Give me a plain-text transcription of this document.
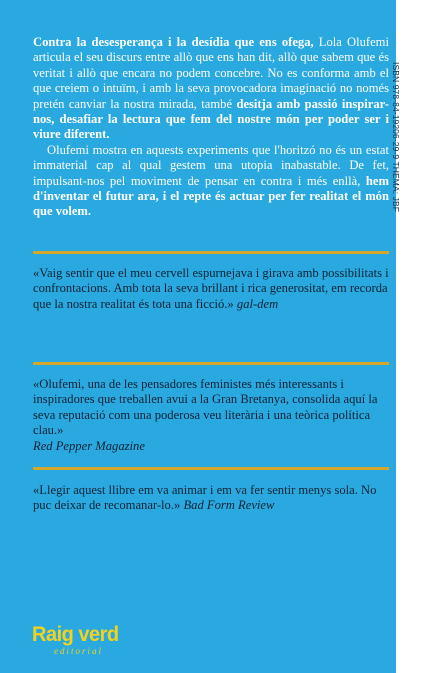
ISBN 978-84-19206-29-9 THEMA: JBF

Contra la desesperança i la desídia que ens ofega, Lola Olufemi articula el seu discurs entre allò que ens han dit, allò que sabem que és veritat i allò que encara no podem concebre. No es conforma amb el que creiem o intuïm, i amb la seva provocadora imaginació no només pretén canviar la nostra mirada, també desitja amb passió inspirar-nos, desafiar la lectura que fem del nostre món per poder ser i viure diferent.

Olufemi mostra en aquests experiments que l'horitzó no és un estat immaterial cap al qual gestem una utopia inabastable. De fet, impulsant-nos pel moviment de pensar en contra i més enllà, hem d'inventar el futur ara, i el repte és actuar per fer realitat el món que volem.

«Vaig sentir que el meu cervell espurnejava i girava amb possibilitats i confrontacions. Amb tota la seva brillant i rica generositat, em recorda que la nostra realitat és tota una ficció.» gal-dem

«Olufemi, una de les pensadores feministes més interessants i inspiradores que treballen avui a la Gran Bretanya, consolida aquí la seva reputació com una poderosa veu literària i una teòrica política clau.»
Red Pepper Magazine

«Llegir aquest llibre em va animar i em va fer sentir menys sola. No puc deixar de recomanar-lo.» Bad Form Review

Raig verd
editorial
